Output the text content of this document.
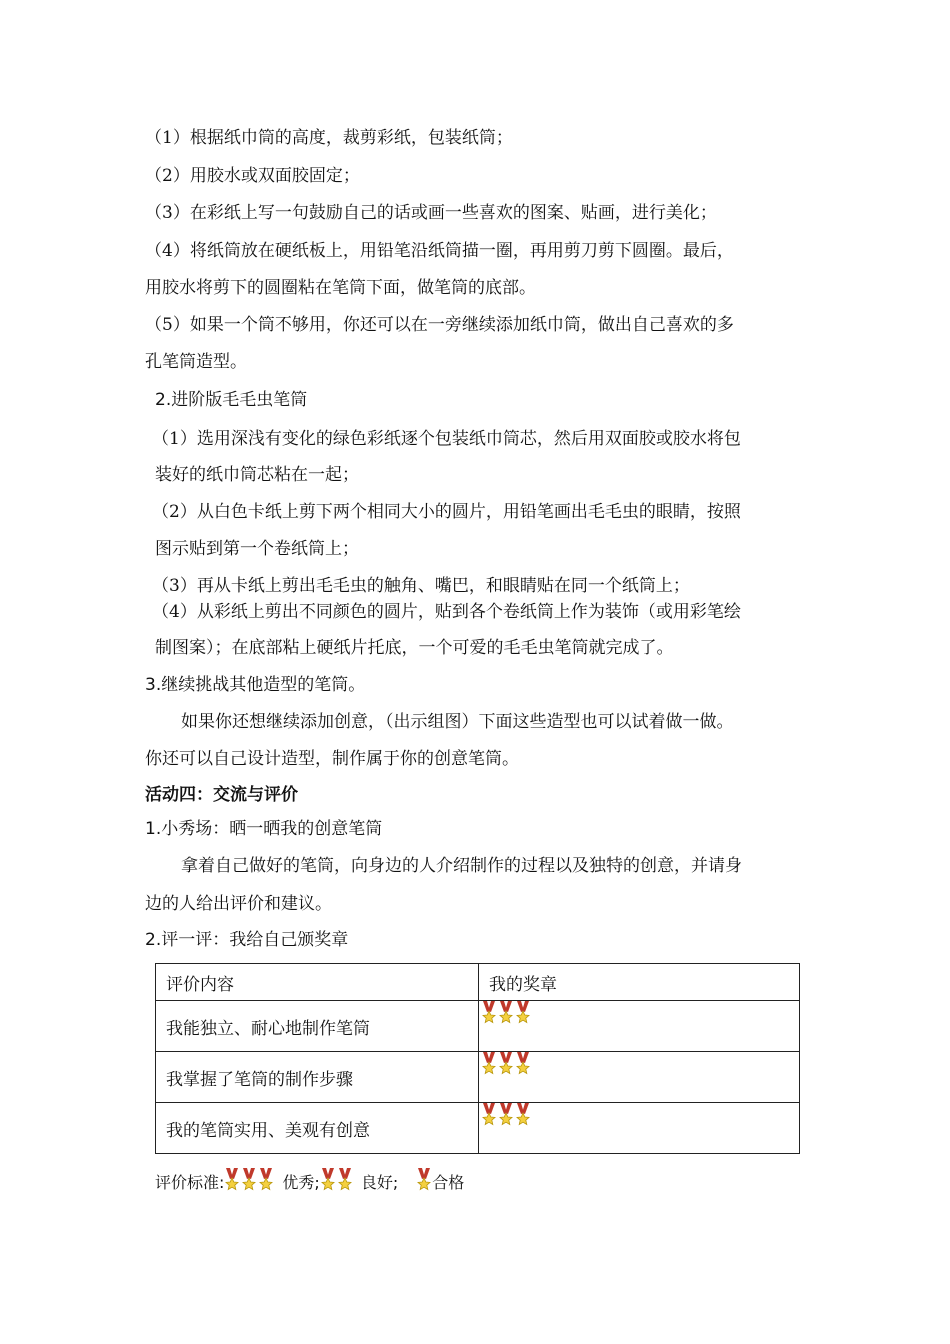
（1）根据纸巾筒的高度，裁剪彩纸，包装纸筒；
（2）用胶水或双面胶固定；
（3）在彩纸上写一句鼓励自己的话或画一些喜欢的图案、贴画，进行美化；
（4）将纸筒放在硬纸板上，用铅笔沿纸筒描一圈，再用剪刀剪下圆圈。最后，
用胶水将剪下的圆圈粘在笔筒下面，做笔筒的底部。
（5）如果一个筒不够用，你还可以在一旁继续添加纸巾筒，做出自己喜欢的多
孔笔筒造型。
2.进阶版毛毛虫笔筒
（1）选用深浅有变化的绿色彩纸逐个包装纸巾筒芯，然后用双面胶或胶水将包
装好的纸巾筒芯粘在一起；
（2）从白色卡纸上剪下两个相同大小的圆片，用铅笔画出毛毛虫的眼睛，按照
图示贴到第一个卷纸筒上；
（3）再从卡纸上剪出毛毛虫的触角、嘴巴，和眼睛贴在同一个纸筒上；
（4）从彩纸上剪出不同颜色的圆片，贴到各个卷纸筒上作为装饰（或用彩笔绘
制图案）；在底部粘上硬纸片托底，一个可爱的毛毛虫笔筒就完成了。
3.继续挑战其他造型的笔筒。
如果你还想继续添加创意，（出示组图）下面这些造型也可以试着做一做。
你还可以自己设计造型，制作属于你的创意笔筒。
活动四：交流与评价
1.小秀场：晒一晒我的创意笔筒
拿着自己做好的笔筒，向身边的人介绍制作的过程以及独特的创意，并请身
边的人给出评价和建议。
2.评一评：我给自己颁奖章
评价内容	我的奖章
我能独立、耐心地制作笔筒	

我掌握了笔筒的制作步骤	

我的笔筒实用、美观有创意	
评价标准:	优秀;	良好; 合格
